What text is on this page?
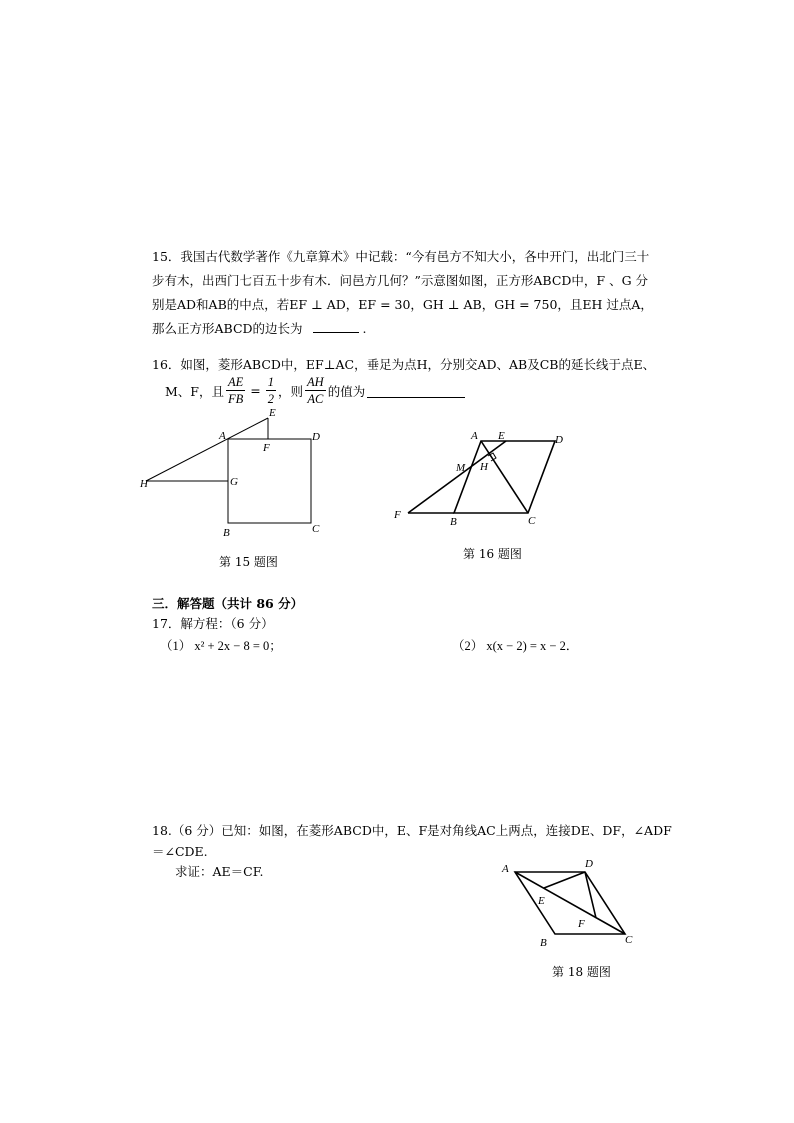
15．我国古代数学著作《九章算术》中记载：“今有邑方不知大小，各中开门，出北门三十
步有木，出西门七百五十步有木．问邑方几何？”示意图如图，正方形ABCD中，F 、G 分
别是AD和AB的中点，若EF ⊥ AD，EF = 30，GH ⊥ AB，GH = 750，且EH 过点A，
那么正方形ABCD的边长为	.
16．如图，菱形ABCD中，EF⊥AC，垂足为点H，分别交AD、AB及CB的延长线于点E、
M、F，且 $\frac{AE}{FB} = \frac{1}{2}$ ，则 $\frac{AH}{AC}$ 的值为
E
A
F
D
H	G
B	C
第 15 题图
A E	D
M H
F
B	C
第 16 题图
三．解答题（共计 86 分）
17．解方程：（6 分）
（1） x² + 2x − 8 = 0；	（2） x(x − 2) = x − 2．
18.（6 分）已知：如图，在菱形ABCD中，E、F是对角线AC上两点，连接DE、DF，∠ADF
＝∠CDE.
求证：AE＝CF.	A	D
E
F
B	C
第 18 题图
